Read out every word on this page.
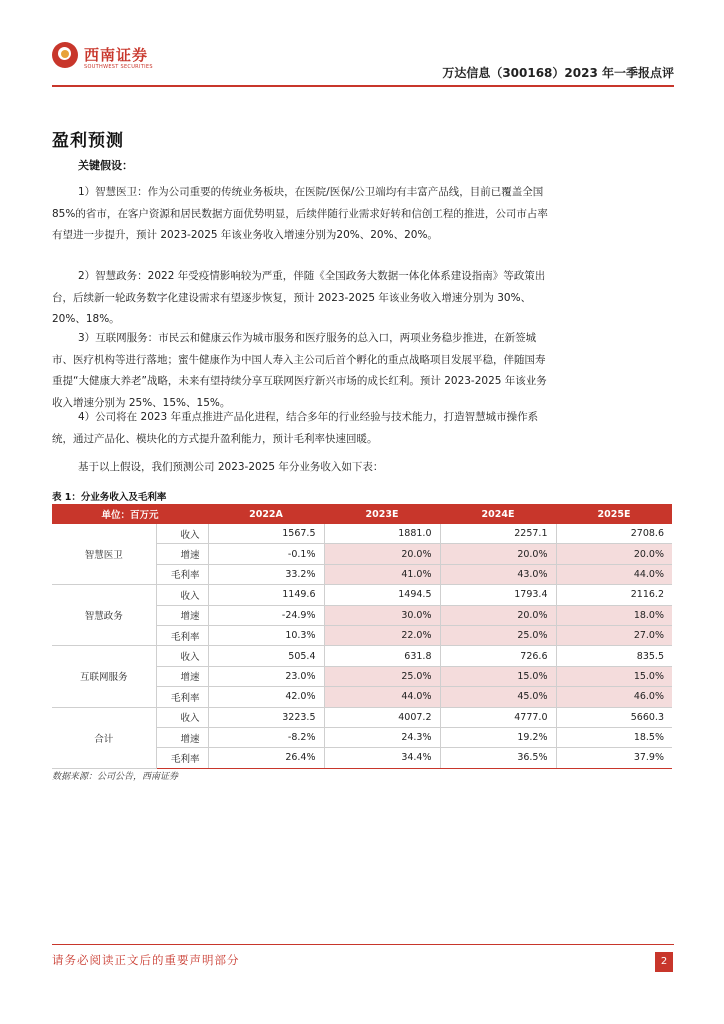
西南证券
SOUTHWEST SECURITIES	万达信息（300168）2023 年一季报点评
盈利预测
关键假设：

1）智慧医卫：作为公司重要的传统业务板块，在医院/医保/公卫端均有丰富产品线，目前已覆盖全国85%的省市，在客户资源和居民数据方面优势明显，后续伴随行业需求好转和信创工程的推进，公司市占率有望进一步提升，预计 2023-2025 年该业务收入增速分别为20%、20%、20%。

2）智慧政务：2022 年受疫情影响较为严重，伴随《全国政务大数据一体化体系建设指南》等政策出台，后续新一轮政务数字化建设需求有望逐步恢复，预计 2023-2025 年该业务收入增速分别为 30%、20%、18%。

3）互联网服务：市民云和健康云作为城市服务和医疗服务的总入口，两项业务稳步推进，在新签城市、医疗机构等进行落地；蜜牛健康作为中国人寿入主公司后首个孵化的重点战略项目发展平稳，伴随国寿重提“大健康大养老”战略，未来有望持续分享互联网医疗新兴市场的成长红利。预计 2023-2025 年该业务收入增速分别为 25%、15%、15%。

4）公司将在 2023 年重点推进产品化进程，结合多年的行业经验与技术能力，打造智慧城市操作系统，通过产品化、模块化的方式提升盈利能力，预计毛利率快速回暖。

基于以上假设，我们预测公司 2023-2025 年分业务收入如下表：

表 1：分业务收入及毛利率
单位：百万元		2022A	2023E	2024E	2025E
智慧医卫	收入	1567.5	1881.0	2257.1	2708.6
	增速	-0.1%	20.0%	20.0%	20.0%
	毛利率	33.2%	41.0%	43.0%	44.0%
智慧政务	收入	1149.6	1494.5	1793.4	2116.2
	增速	-24.9%	30.0%	20.0%	18.0%
	毛利率	10.3%	22.0%	25.0%	27.0%
互联网服务	收入	505.4	631.8	726.6	835.5
	增速	23.0%	25.0%	15.0%	15.0%
	毛利率	42.0%	44.0%	45.0%	46.0%
合计	收入	3223.5	4007.2	4777.0	5660.3
	增速	-8.2%	24.3%	19.2%	18.5%
	毛利率	26.4%	34.4%	36.5%	37.9%
数据来源：公司公告，西南证券
请务必阅读正文后的重要声明部分	2
